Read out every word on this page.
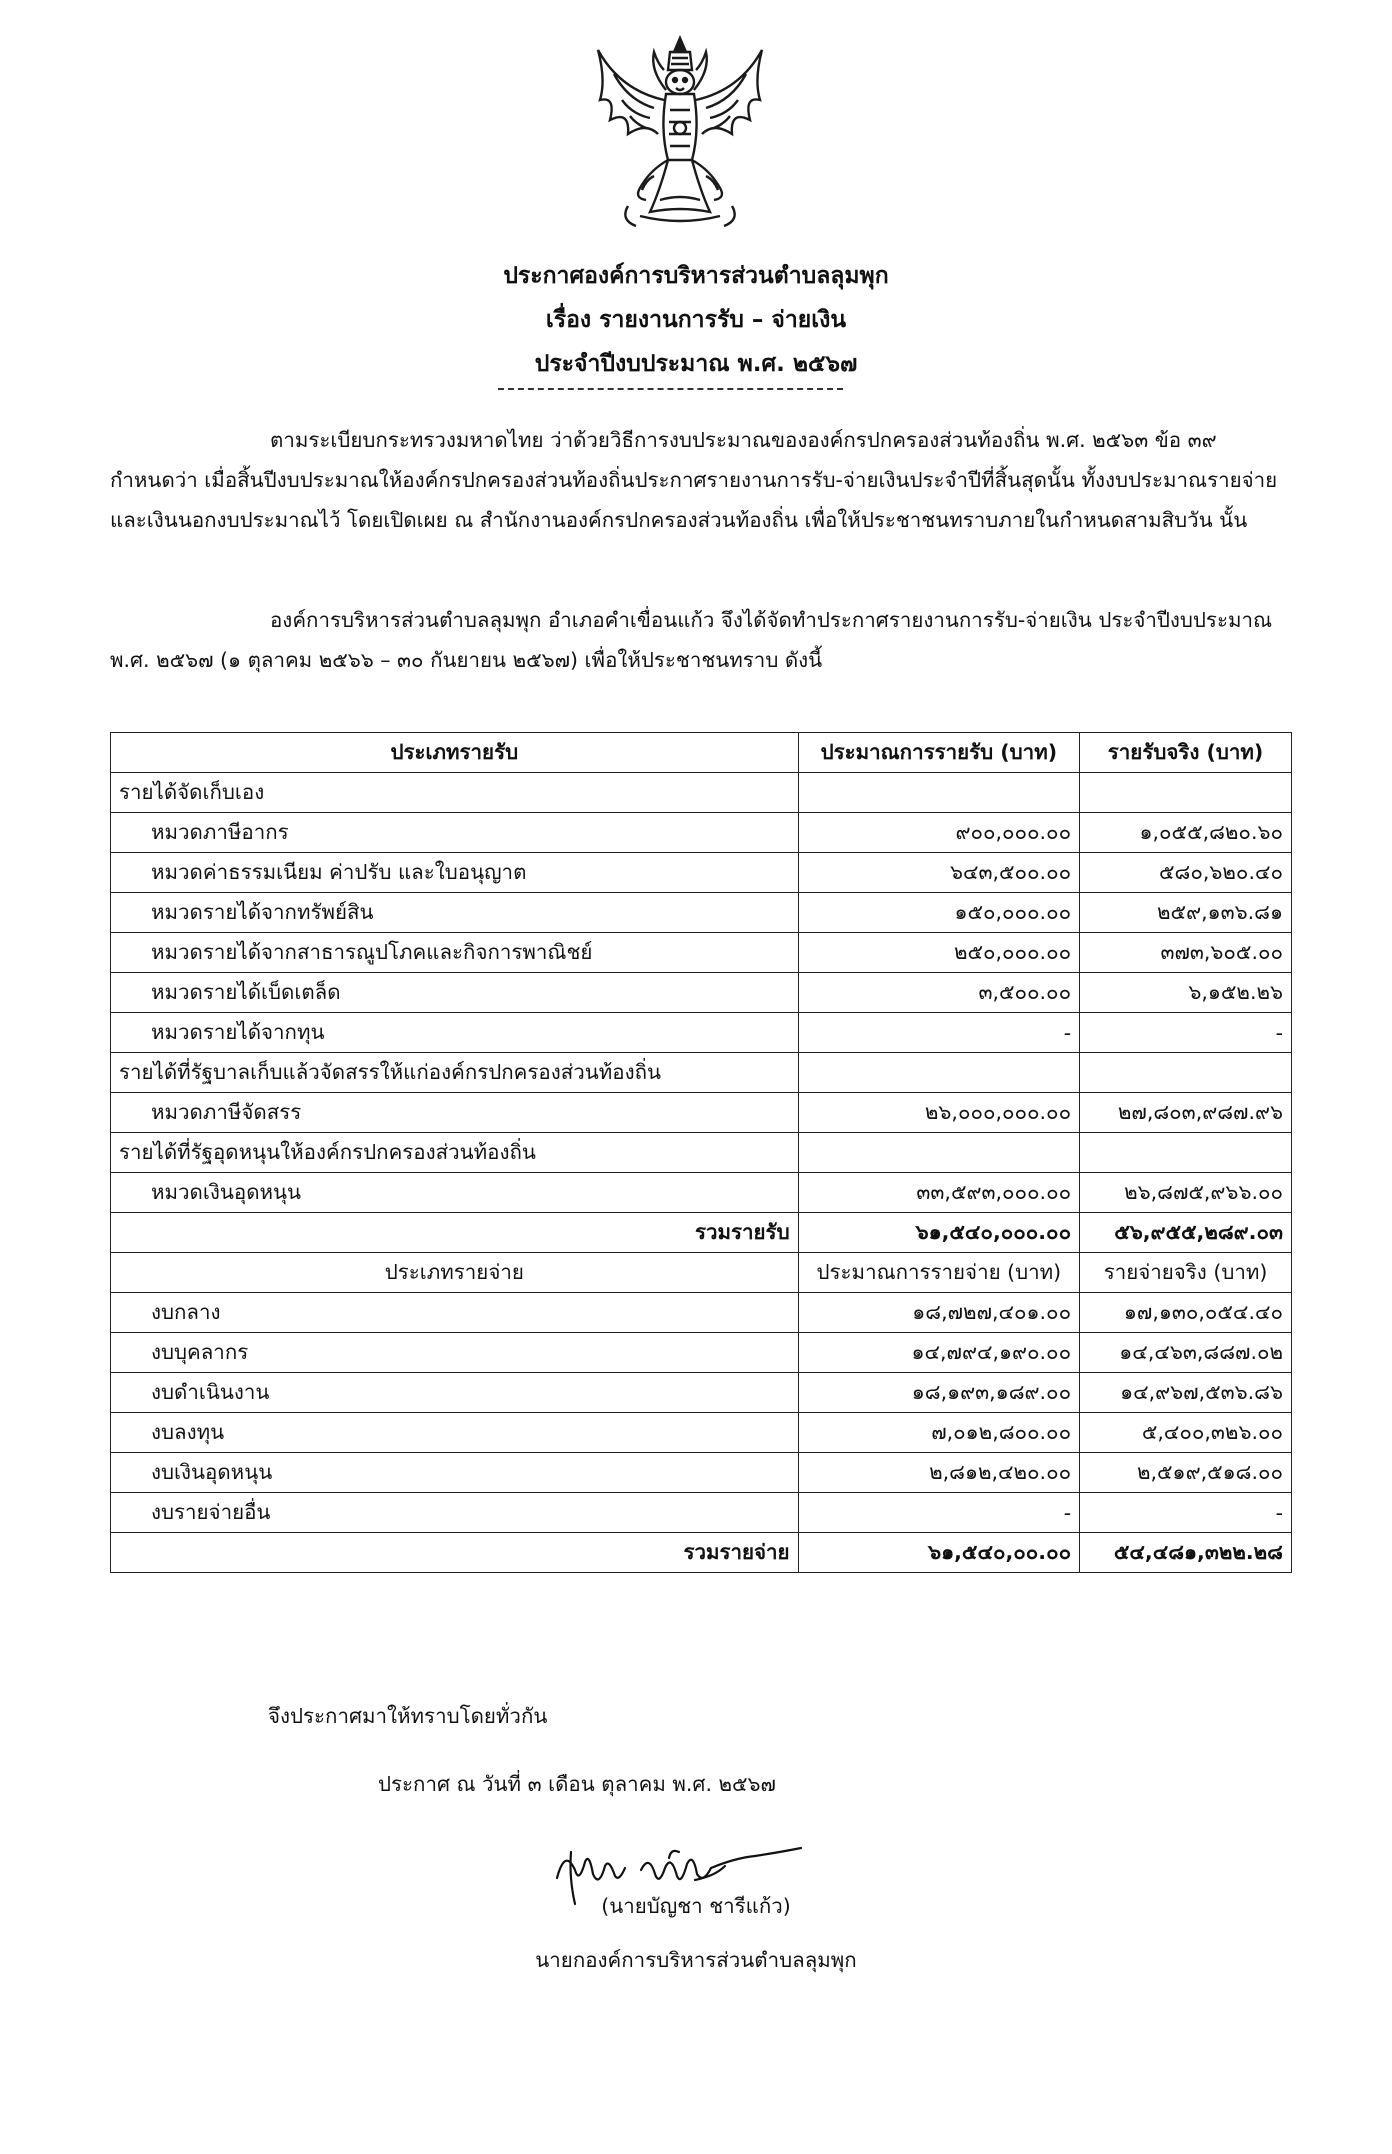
ประกาศองค์การบริหารส่วนตำบลลุมพุก
เรื่อง รายงานการรับ – จ่ายเงิน
ประจำปีงบประมาณ พ.ศ. ๒๕๖๗
ตามระเบียบกระทรวงมหาดไทย ว่าด้วยวิธีการงบประมาณขององค์กรปกครองส่วนท้องถิ่น พ.ศ. ๒๕๖๓ ข้อ ๓๙ กำหนดว่า เมื่อสิ้นปีงบประมาณให้องค์กรปกครองส่วนท้องถิ่นประกาศรายงานการรับ-จ่ายเงินประจำปีที่สิ้นสุดนั้น ทั้งงบประมาณรายจ่ายและเงินนอกงบประมาณไว้ โดยเปิดเผย ณ สำนักงานองค์กรปกครองส่วนท้องถิ่น เพื่อให้ประชาชนทราบภายในกำหนดสามสิบวัน นั้น
องค์การบริหารส่วนตำบลลุมพุก อำเภอคำเขื่อนแก้ว จึงได้จัดทำประกาศรายงานการรับ-จ่ายเงิน ประจำปีงบประมาณ พ.ศ. ๒๕๖๗ (๑ ตุลาคม ๒๕๖๖ – ๓๐ กันยายน ๒๕๖๗) เพื่อให้ประชาชนทราบ ดังนี้
ประเภทรายรับ	ประมาณการรายรับ (บาท)	รายรับจริง (บาท)
รายได้จัดเก็บเอง		
หมวดภาษีอากร	๙๐๐,๐๐๐.๐๐	๑,๐๕๕,๘๒๐.๖๐
หมวดค่าธรรมเนียม ค่าปรับ และใบอนุญาต	๖๔๓,๕๐๐.๐๐	๕๘๐,๖๒๐.๔๐
หมวดรายได้จากทรัพย์สิน	๑๕๐,๐๐๐.๐๐	๒๕๙,๑๓๖.๘๑
หมวดรายได้จากสาธารณูปโภคและกิจการพาณิชย์	๒๕๐,๐๐๐.๐๐	๓๗๓,๖๐๕.๐๐
หมวดรายได้เบ็ดเตล็ด	๓,๕๐๐.๐๐	๖,๑๕๒.๒๖
หมวดรายได้จากทุน	-	-
รายได้ที่รัฐบาลเก็บแล้วจัดสรรให้แก่องค์กรปกครองส่วนท้องถิ่น		
หมวดภาษีจัดสรร	๒๖,๐๐๐,๐๐๐.๐๐	๒๗,๘๐๓,๙๘๗.๙๖
รายได้ที่รัฐอุดหนุนให้องค์กรปกครองส่วนท้องถิ่น		
หมวดเงินอุดหนุน	๓๓,๕๙๓,๐๐๐.๐๐	๒๖,๘๗๕,๙๖๖.๐๐
รวมรายรับ	๖๑,๕๔๐,๐๐๐.๐๐	๕๖,๙๕๕,๒๘๙.๐๓
ประเภทรายจ่าย	ประมาณการรายจ่าย (บาท)	รายจ่ายจริง (บาท)
งบกลาง	๑๘,๗๒๗,๔๐๑.๐๐	๑๗,๑๓๐,๐๕๔.๔๐
งบบุคลากร	๑๔,๗๙๔,๑๙๐.๐๐	๑๔,๔๖๓,๘๘๗.๐๒
งบดำเนินงาน	๑๘,๑๙๓,๑๘๙.๐๐	๑๔,๙๖๗,๕๓๖.๘๖
งบลงทุน	๗,๐๑๒,๘๐๐.๐๐	๕,๔๐๐,๓๒๖.๐๐
งบเงินอุดหนุน	๒,๘๑๒,๔๒๐.๐๐	๒,๕๑๙,๕๑๘.๐๐
งบรายจ่ายอื่น	-	-
รวมรายจ่าย	๖๑,๕๔๐,๐๐.๐๐	๕๔,๔๘๑,๓๒๒.๒๘
จึงประกาศมาให้ทราบโดยทั่วกัน
ประกาศ ณ วันที่ ๓ เดือน ตุลาคม พ.ศ. ๒๕๖๗
(นายบัญชา ชารีแก้ว)
นายกองค์การบริหารส่วนตำบลลุมพุก
